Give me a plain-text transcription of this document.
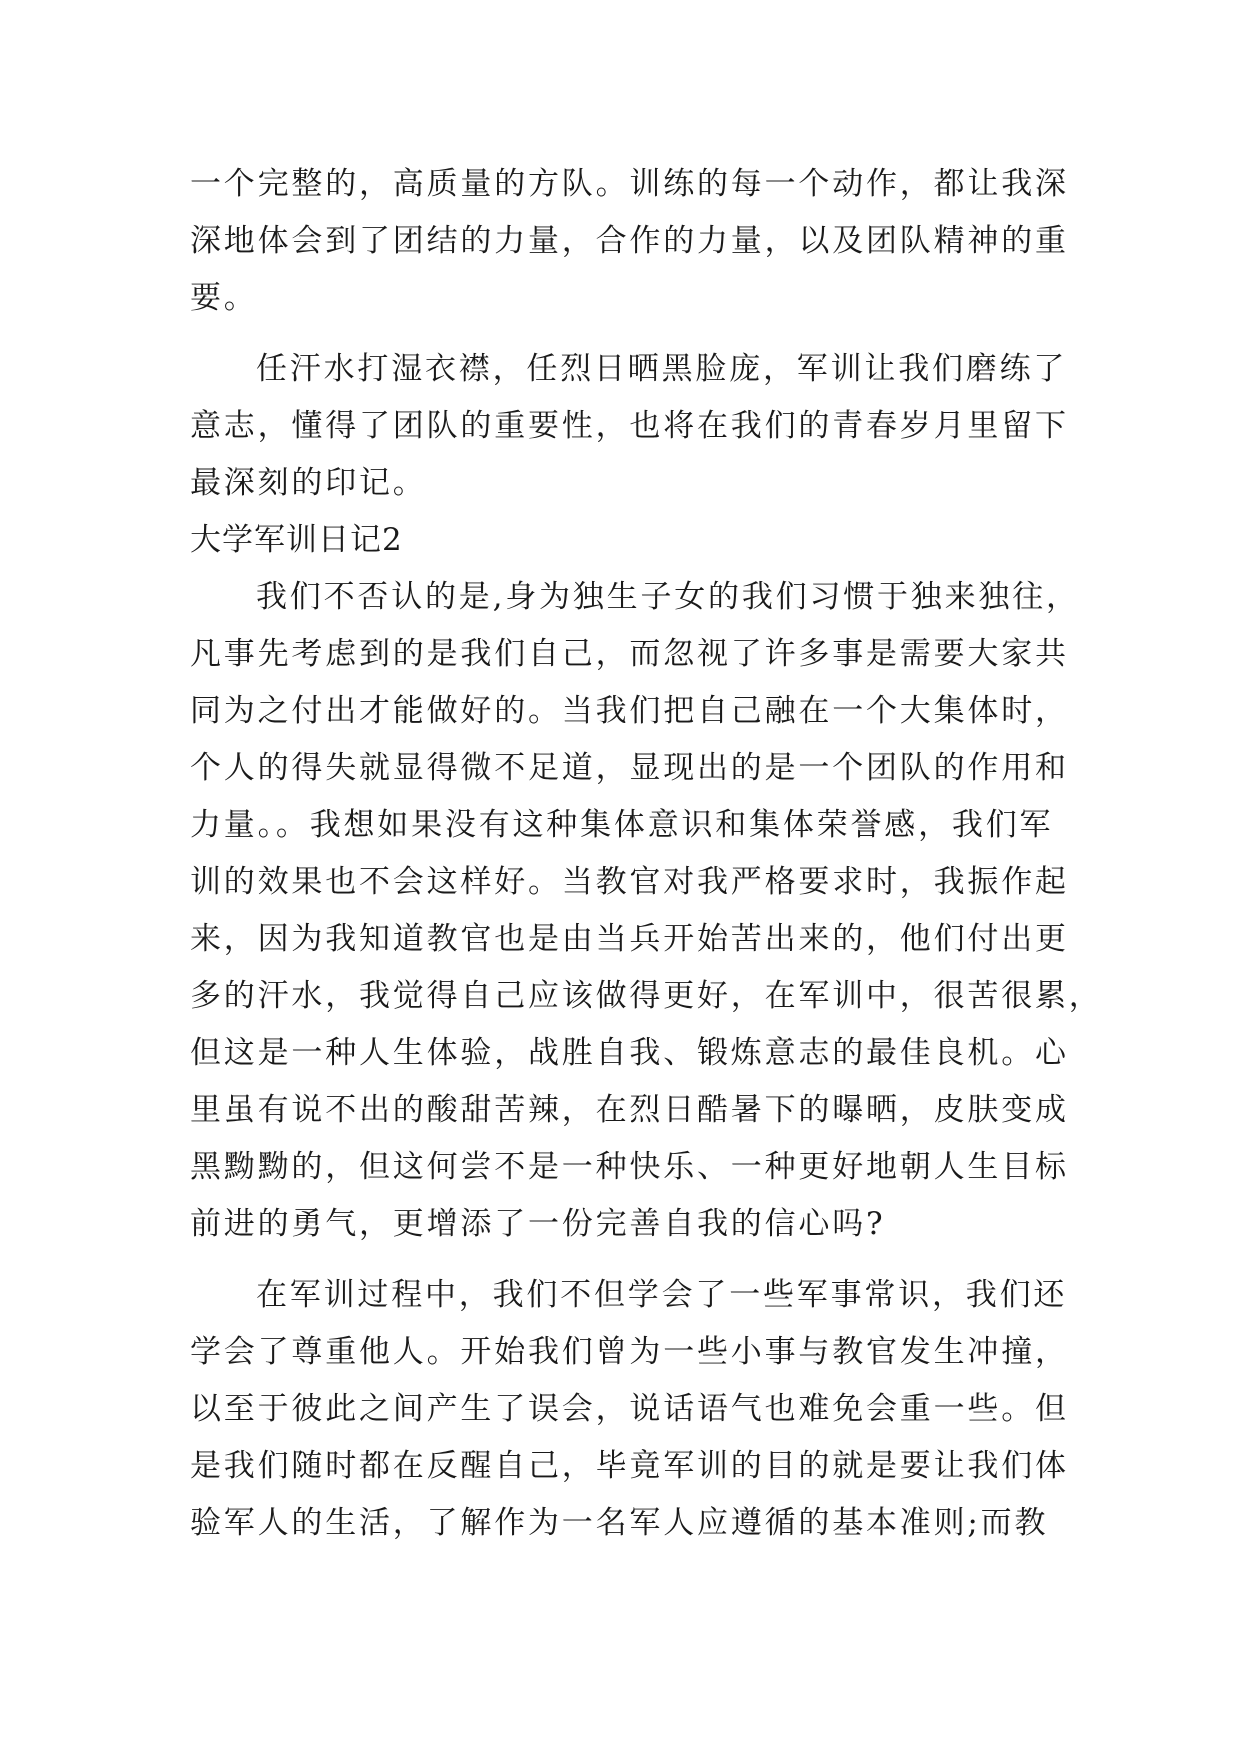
一个完整的，高质量的方队。训练的每一个动作，都让我深
深地体会到了团结的力量，合作的力量，以及团队精神的重
要。
任汗水打湿衣襟，任烈日晒黑脸庞，军训让我们磨练了
意志，懂得了团队的重要性，也将在我们的青春岁月里留下
最深刻的印记。
大学军训日记2
我们不否认的是,身为独生子女的我们习惯于独来独往，
凡事先考虑到的是我们自己，而忽视了许多事是需要大家共
同为之付出才能做好的。当我们把自己融在一个大集体时，
个人的得失就显得微不足道，显现出的是一个团队的作用和
力量。。我想如果没有这种集体意识和集体荣誉感，我们军
训的效果也不会这样好。当教官对我严格要求时，我振作起
来，因为我知道教官也是由当兵开始苦出来的，他们付出更
多的汗水，我觉得自己应该做得更好，在军训中，很苦很累，
但这是一种人生体验，战胜自我、锻炼意志的最佳良机。心
里虽有说不出的酸甜苦辣，在烈日酷暑下的曝晒，皮肤变成
黑黝黝的，但这何尝不是一种快乐、一种更好地朝人生目标
前进的勇气，更增添了一份完善自我的信心吗?
在军训过程中，我们不但学会了一些军事常识，我们还
学会了尊重他人。开始我们曾为一些小事与教官发生冲撞，
以至于彼此之间产生了误会，说话语气也难免会重一些。但
是我们随时都在反醒自己，毕竟军训的目的就是要让我们体
验军人的生活，了解作为一名军人应遵循的基本准则;而教
